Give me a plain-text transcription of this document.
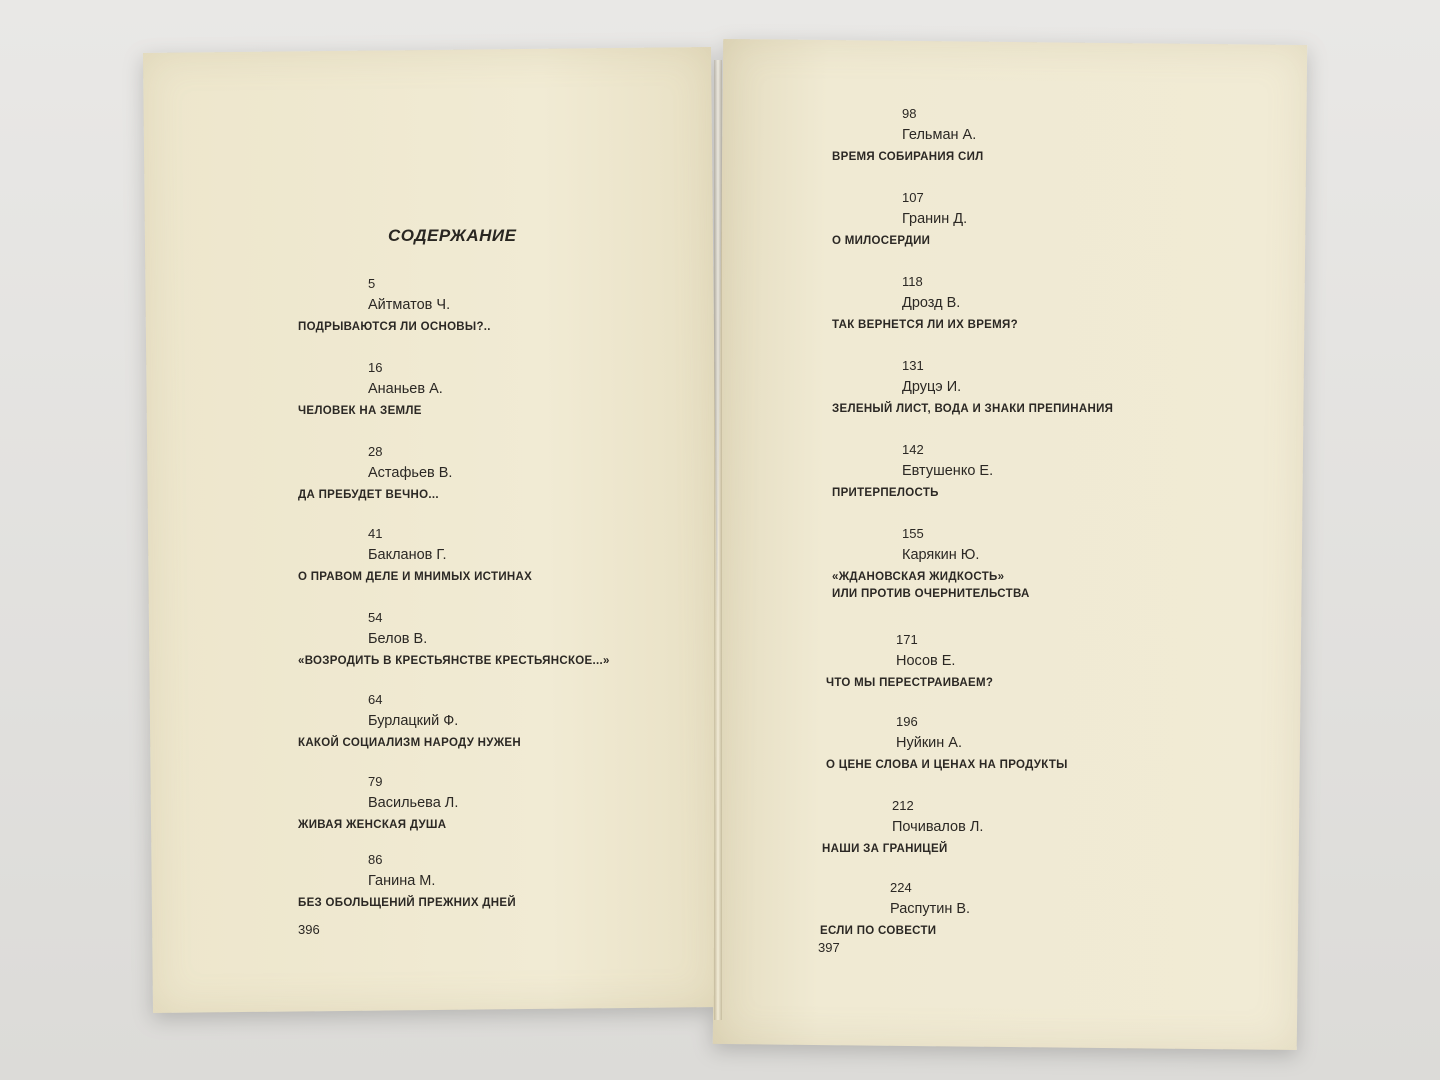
СОДЕРЖАНИЕ
5
Айтматов Ч.
ПОДРЫВАЮТСЯ ЛИ ОСНОВЫ?..
16
Ананьев А.
ЧЕЛОВЕК НА ЗЕМЛЕ
28
Астафьев В.
ДА ПРЕБУДЕТ ВЕЧНО...
41
Бакланов Г.
О ПРАВОМ ДЕЛЕ И МНИМЫХ ИСТИНАХ
54
Белов В.
«ВОЗРОДИТЬ В КРЕСТЬЯНСТВЕ КРЕСТЬЯНСКОЕ...»
64
Бурлацкий Ф.
КАКОЙ СОЦИАЛИЗМ НАРОДУ НУЖЕН
79
Васильева Л.
ЖИВАЯ ЖЕНСКАЯ ДУША
86
Ганина М.
БЕЗ ОБОЛЬЩЕНИЙ ПРЕЖНИХ ДНЕЙ
396
98
Гельман А.
ВРЕМЯ СОБИРАНИЯ СИЛ
107
Гранин Д.
О МИЛОСЕРДИИ
118
Дрозд В.
ТАК ВЕРНЕТСЯ ЛИ ИХ ВРЕМЯ?
131
Друцэ И.
ЗЕЛЕНЫЙ ЛИСТ, ВОДА И ЗНАКИ ПРЕПИНАНИЯ
142
Евтушенко Е.
ПРИТЕРПЕЛОСТЬ
155
Карякин Ю.
«ЖДАНОВСКАЯ ЖИДКОСТЬ»
ИЛИ ПРОТИВ ОЧЕРНИТЕЛЬСТВА
171
Носов Е.
ЧТО МЫ ПЕРЕСТРАИВАЕМ?
196
Нуйкин А.
О ЦЕНЕ СЛОВА И ЦЕНАХ НА ПРОДУКТЫ
212
Почивалов Л.
НАШИ ЗА ГРАНИЦЕЙ
224
Распутин В.
ЕСЛИ ПО СОВЕСТИ
397
